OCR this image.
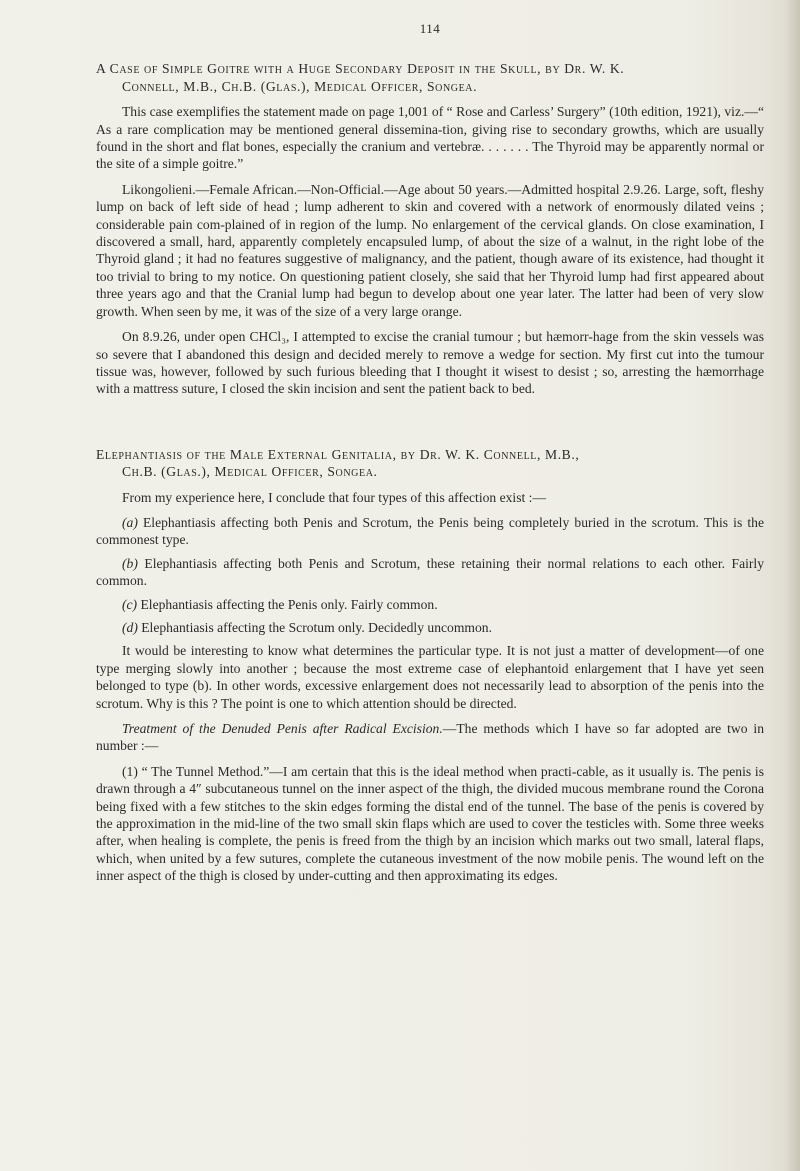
114
A Case of Simple Goitre with a Huge Secondary Deposit in the Skull, by Dr. W. K.
Connell, M.B., Ch.B. (Glas.), Medical Officer, Songea.

This case exemplifies the statement made on page 1,001 of “ Rose and Carless’ Surgery” (10th edition, 1921), viz.—“ As a rare complication may be mentioned general dissemina-tion, giving rise to secondary growths, which are usually found in the short and flat bones, especially the cranium and vertebræ. . . . . . . The Thyroid may be apparently normal or the site of a simple goitre.”

Likongolieni.—Female African.—Non-Official.—Age about 50 years.—Admitted hospital 2.9.26. Large, soft, fleshy lump on back of left side of head ; lump adherent to skin and covered with a network of enormously dilated veins ; considerable pain com-plained of in region of the lump. No enlargement of the cervical glands. On close examination, I discovered a small, hard, apparently completely encapsuled lump, of about the size of a walnut, in the right lobe of the Thyroid gland ; it had no features suggestive of malignancy, and the patient, though aware of its existence, had thought it too trivial to bring to my notice. On questioning patient closely, she said that her Thyroid lump had first appeared about three years ago and that the Cranial lump had begun to develop about one year later. The latter had been of very slow growth. When seen by me, it was of the size of a very large orange.

On 8.9.26, under open CHCl₃, I attempted to excise the cranial tumour ; but hæmorr-hage from the skin vessels was so severe that I abandoned this design and decided merely to remove a wedge for section. My first cut into the tumour tissue was, however, followed by such furious bleeding that I thought it wisest to desist ; so, arresting the hæmorrhage with a mattress suture, I closed the skin incision and sent the patient back to bed.

Elephantiasis of the Male External Genitalia, by Dr. W. K. Connell, M.B.,
Ch.B. (Glas.), Medical Officer, Songea.

From my experience here, I conclude that four types of this affection exist :—

(a) Elephantiasis affecting both Penis and Scrotum, the Penis being completely buried in the scrotum. This is the commonest type.

(b) Elephantiasis affecting both Penis and Scrotum, these retaining their normal relations to each other. Fairly common.

(c) Elephantiasis affecting the Penis only. Fairly common.

(d) Elephantiasis affecting the Scrotum only. Decidedly uncommon.

It would be interesting to know what determines the particular type. It is not just a matter of development—of one type merging slowly into another ; because the most extreme case of elephantoid enlargement that I have yet seen belonged to type (b). In other words, excessive enlargement does not necessarily lead to absorption of the penis into the scrotum. Why is this ? The point is one to which attention should be directed.

Treatment of the Denuded Penis after Radical Excision.—The methods which I have so far adopted are two in number :—

(1) “ The Tunnel Method.”—I am certain that this is the ideal method when practi-cable, as it usually is. The penis is drawn through a 4″ subcutaneous tunnel on the inner aspect of the thigh, the divided mucous membrane round the Corona being fixed with a few stitches to the skin edges forming the distal end of the tunnel. The base of the penis is covered by the approximation in the mid-line of the two small skin flaps which are used to cover the testicles with. Some three weeks after, when healing is complete, the penis is freed from the thigh by an incision which marks out two small, lateral flaps, which, when united by a few sutures, complete the cutaneous investment of the now mobile penis. The wound left on the inner aspect of the thigh is closed by under-cutting and then approximating its edges.
